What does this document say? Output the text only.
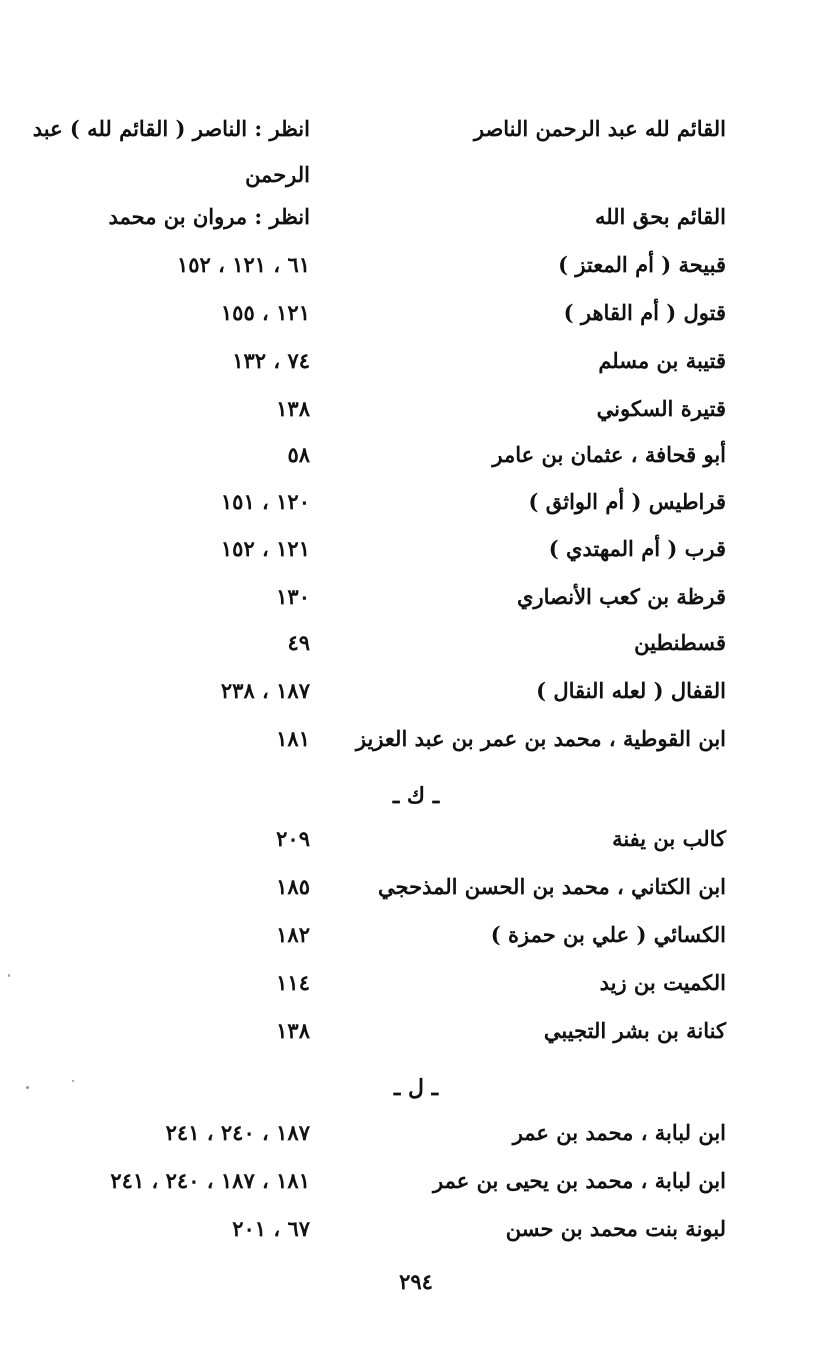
القائم لله عبد الرحمن الناصر
انظر : الناصر ( القائم لله ) عبد الرحمن
القائم بحق الله
انظر : مروان بن محمد
قبيحة ( أم المعتز )
٦١ ، ١٢١ ، ١٥٢
قتول ( أم القاهر )
١٢١ ، ١٥٥
قتيبة بن مسلم
٧٤ ، ١٣٢
قتيرة السكوني
١٣٨
أبو قحافة ، عثمان بن عامر
٥٨
قراطيس ( أم الواثق )
١٢٠ ، ١٥١
قرب ( أم المهتدي )
١٢١ ، ١٥٢
قرظة بن كعب الأنصاري
١٣٠
قسطنطين
٤٩
القفال ( لعله النقال )
١٨٧ ، ٢٣٨
ابن القوطية ، محمد بن عمر بن عبد العزيز
١٨١
ـ ك ـ
كالب بن يفنة
٢٠٩
ابن الكتاني ، محمد بن الحسن المذحجي
١٨٥
الكسائي ( علي بن حمزة )
١٨٢
الكميت بن زيد
١١٤
كنانة بن بشر التجيبي
١٣٨
ـ ل ـ
ابن لبابة ، محمد بن عمر
١٨٧ ، ٢٤٠ ، ٢٤١
ابن لبابة ، محمد بن يحيى بن عمر
١٨١ ، ١٨٧ ، ٢٤٠ ، ٢٤١
لبونة بنت محمد بن حسن
٦٧ ، ٢٠١
٢٩٤
